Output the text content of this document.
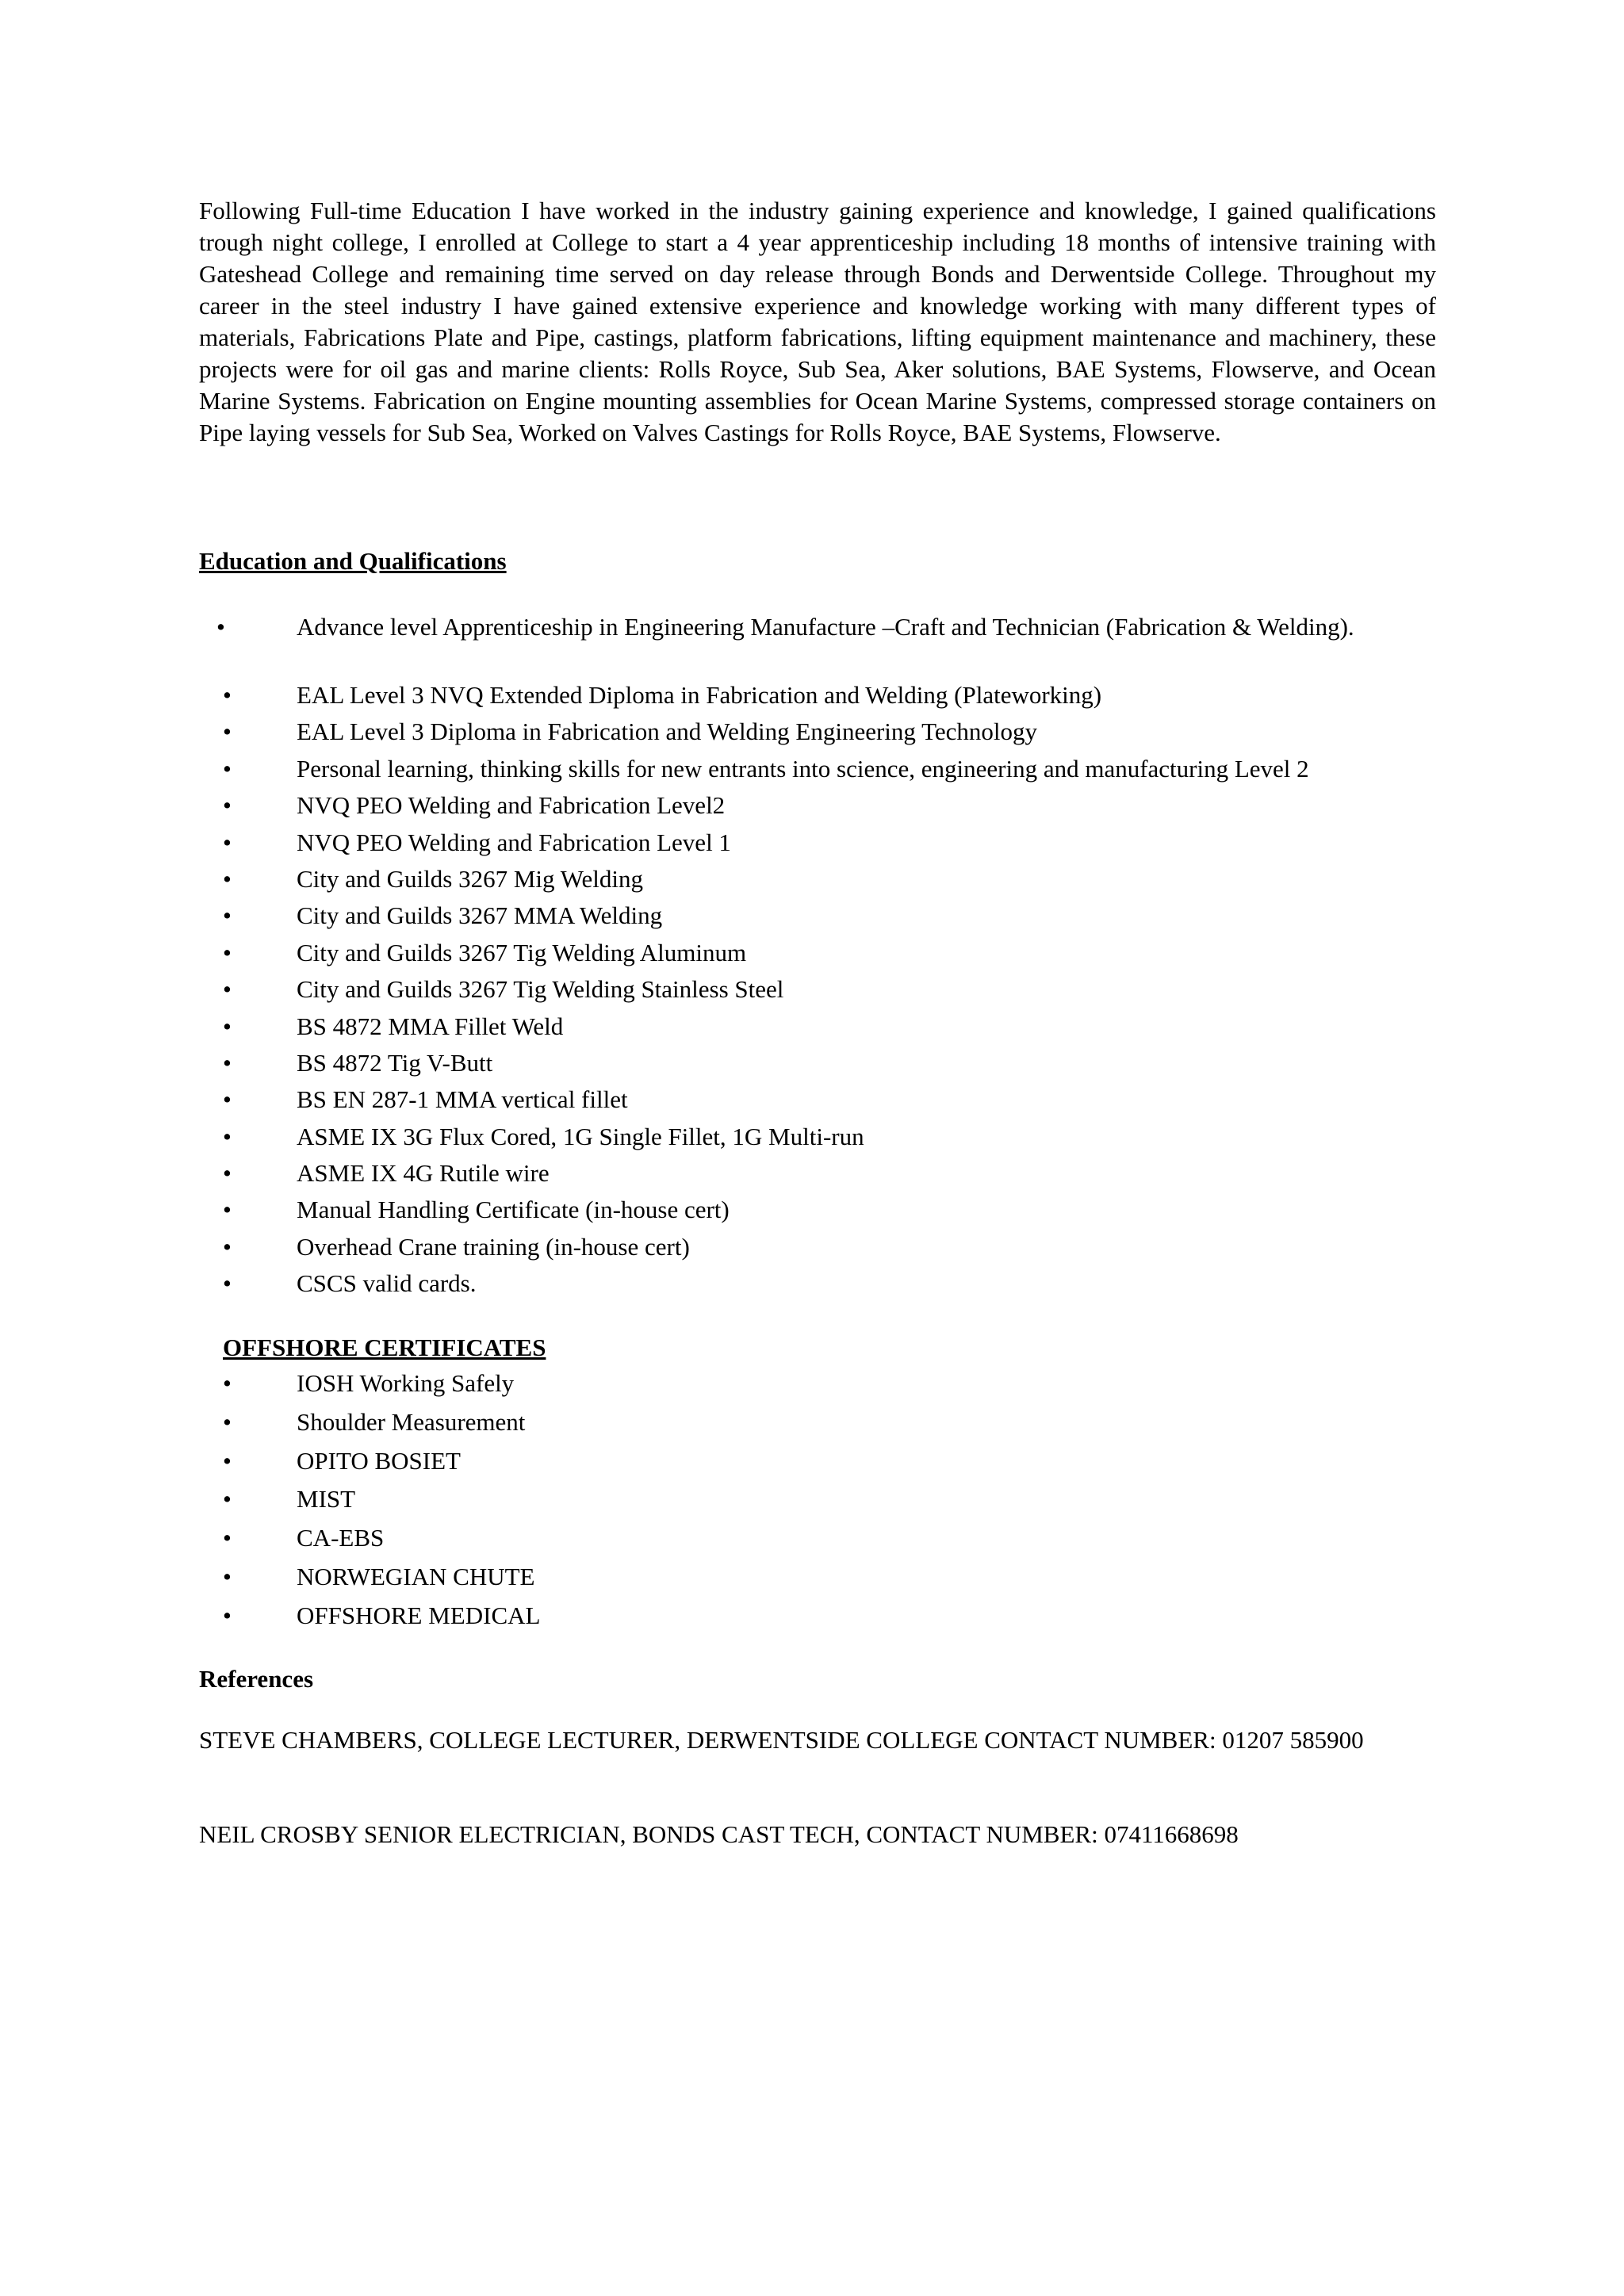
Following Full-time Education I have worked in the industry gaining experience and knowledge, I gained qualifications trough night college, I enrolled at College to start a 4 year apprenticeship including 18 months of intensive training with Gateshead College and remaining time served on day release through Bonds and Derwentside College. Throughout my career in the steel industry I have gained extensive experience and knowledge working with many different types of materials, Fabrications Plate and Pipe, castings, platform fabrications, lifting equipment maintenance and machinery, these projects were for oil gas and marine clients: Rolls Royce, Sub Sea, Aker solutions, BAE Systems, Flowserve, and Ocean Marine Systems. Fabrication on Engine mounting assemblies for Ocean Marine Systems, compressed storage containers on Pipe laying vessels for Sub Sea, Worked on Valves Castings for Rolls Royce, BAE Systems, Flowserve.

Education and Qualifications
•	Advance level Apprenticeship in Engineering Manufacture –Craft and Technician (Fabrication & Welding).
•	EAL Level 3 NVQ Extended Diploma in Fabrication and Welding (Plateworking)
•	EAL Level 3 Diploma in Fabrication and Welding Engineering Technology
•	Personal learning, thinking skills for new entrants into science, engineering and manufacturing Level 2
•	NVQ PEO Welding and Fabrication Level2
•	NVQ PEO Welding and Fabrication Level 1
•	City and Guilds 3267 Mig Welding
•	City and Guilds 3267 MMA Welding
•	City and Guilds 3267 Tig Welding Aluminum
•	City and Guilds 3267 Tig Welding Stainless Steel
•	BS 4872 MMA Fillet Weld
•	BS 4872 Tig V-Butt
•	BS EN 287-1 MMA vertical fillet
•	ASME IX 3G Flux Cored, 1G Single Fillet, 1G Multi-run
•	ASME IX 4G Rutile wire
•	Manual Handling Certificate (in-house cert)
•	Overhead Crane training (in-house cert)
•	CSCS valid cards.
OFFSHORE CERTIFICATES
•	IOSH Working Safely
•	Shoulder Measurement
•	OPITO BOSIET
•	MIST
•	CA-EBS
•	NORWEGIAN CHUTE
•	OFFSHORE MEDICAL
References

STEVE CHAMBERS, COLLEGE LECTURER, DERWENTSIDE COLLEGE CONTACT NUMBER: 01207 585900

NEIL CROSBY SENIOR ELECTRICIAN, BONDS CAST TECH, CONTACT NUMBER: 07411668698
